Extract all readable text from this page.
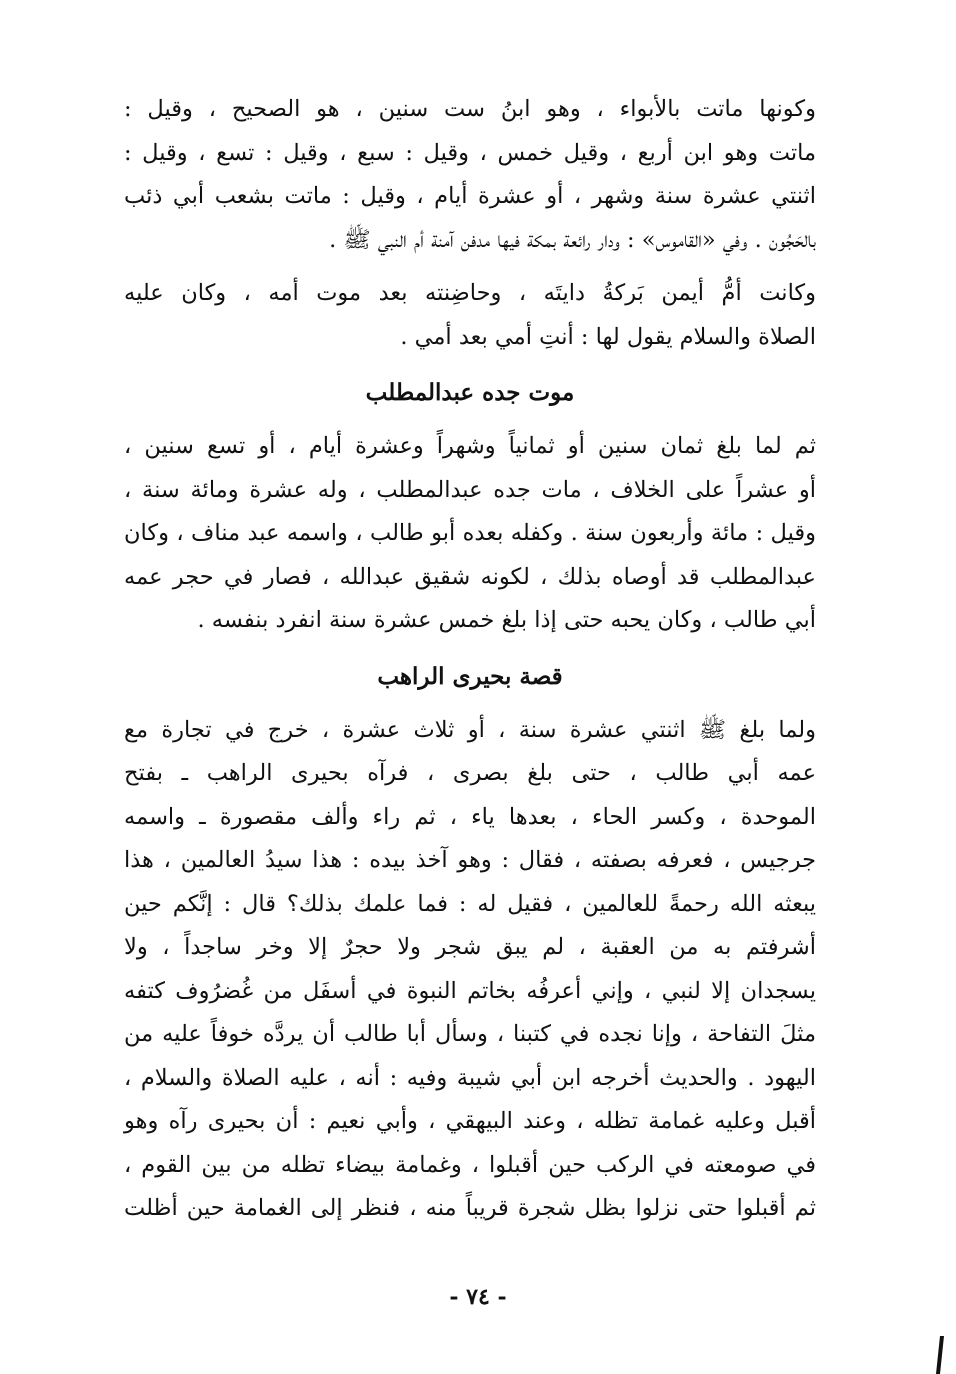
وكونها ماتت بالأبواء ، وهو ابنُ ست سنين ، هو الصحيح ، وقيل :
ماتت وهو ابن أربع ، وقيل خمس ، وقيل : سبع ، وقيل : تسع ، وقيل :
اثنتي عشرة سنة وشهر ، أو عشرة أيام ، وقيل : ماتت بشعب أبي ذئب
بالحَجُون . وفي «القاموس» : ودار رائعة بمكة فيها مدفن آمنة أم النبي ﷺ .

وكانت أمُّ أيمن بَركةُ دايتَه ، وحاضِنته بعد موت أمه ، وكان عليه
الصلاة والسلام يقول لها : أنتِ أمي بعد أمي .

موت جده عبدالمطلب

ثم لما بلغ ثمان سنين أو ثمانياً وشهراً وعشرة أيام ، أو تسع سنين ،
أو عشراً على الخلاف ، مات جده عبدالمطلب ، وله عشرة ومائة سنة ،
وقيل : مائة وأربعون سنة . وكفله بعده أبو طالب ، واسمه عبد مناف ، وكان
عبدالمطلب قد أوصاه بذلك ، لكونه شقيق عبدالله ، فصار في حجر عمه
أبي طالب ، وكان يحبه حتى إذا بلغ خمس عشرة سنة انفرد بنفسه .

قصة بحيرى الراهب

ولما بلغ ﷺ اثنتي عشرة سنة ، أو ثلاث عشرة ، خرج في تجارة مع
عمه أبي طالب ، حتى بلغ بصرى ، فرآه بحيرى الراهب ـ بفتح
الموحدة ، وكسر الحاء ، بعدها ياء ، ثم راء وألف مقصورة ـ واسمه
جرجيس ، فعرفه بصفته ، فقال : وهو آخذ بيده : هذا سيدُ العالمين ، هذا
يبعثه الله رحمةً للعالمين ، فقيل له : فما علمك بذلك؟ قال : إنَّكم حين
أشرفتم به من العقبة ، لم يبق شجر ولا حجرٌ إلا وخر ساجداً ، ولا
يسجدان إلا لنبي ، وإني أعرفُه بخاتم النبوة في أسفَل من غُضرُوف كتفه
مثلَ التفاحة ، وإنا نجده في كتبنا ، وسأل أبا طالب أن يردَّه خوفاً عليه من
اليهود . والحديث أخرجه ابن أبي شيبة وفيه : أنه ، عليه الصلاة والسلام ،
أقبل وعليه غمامة تظله ، وعند البيهقي ، وأبي نعيم : أن بحيرى رآه وهو
في صومعته في الركب حين أقبلوا ، وغمامة بيضاء تظله من بين القوم ،
ثم أقبلوا حتى نزلوا بظل شجرة قريباً منه ، فنظر إلى الغمامة حين أظلت

- ٧٤ -
